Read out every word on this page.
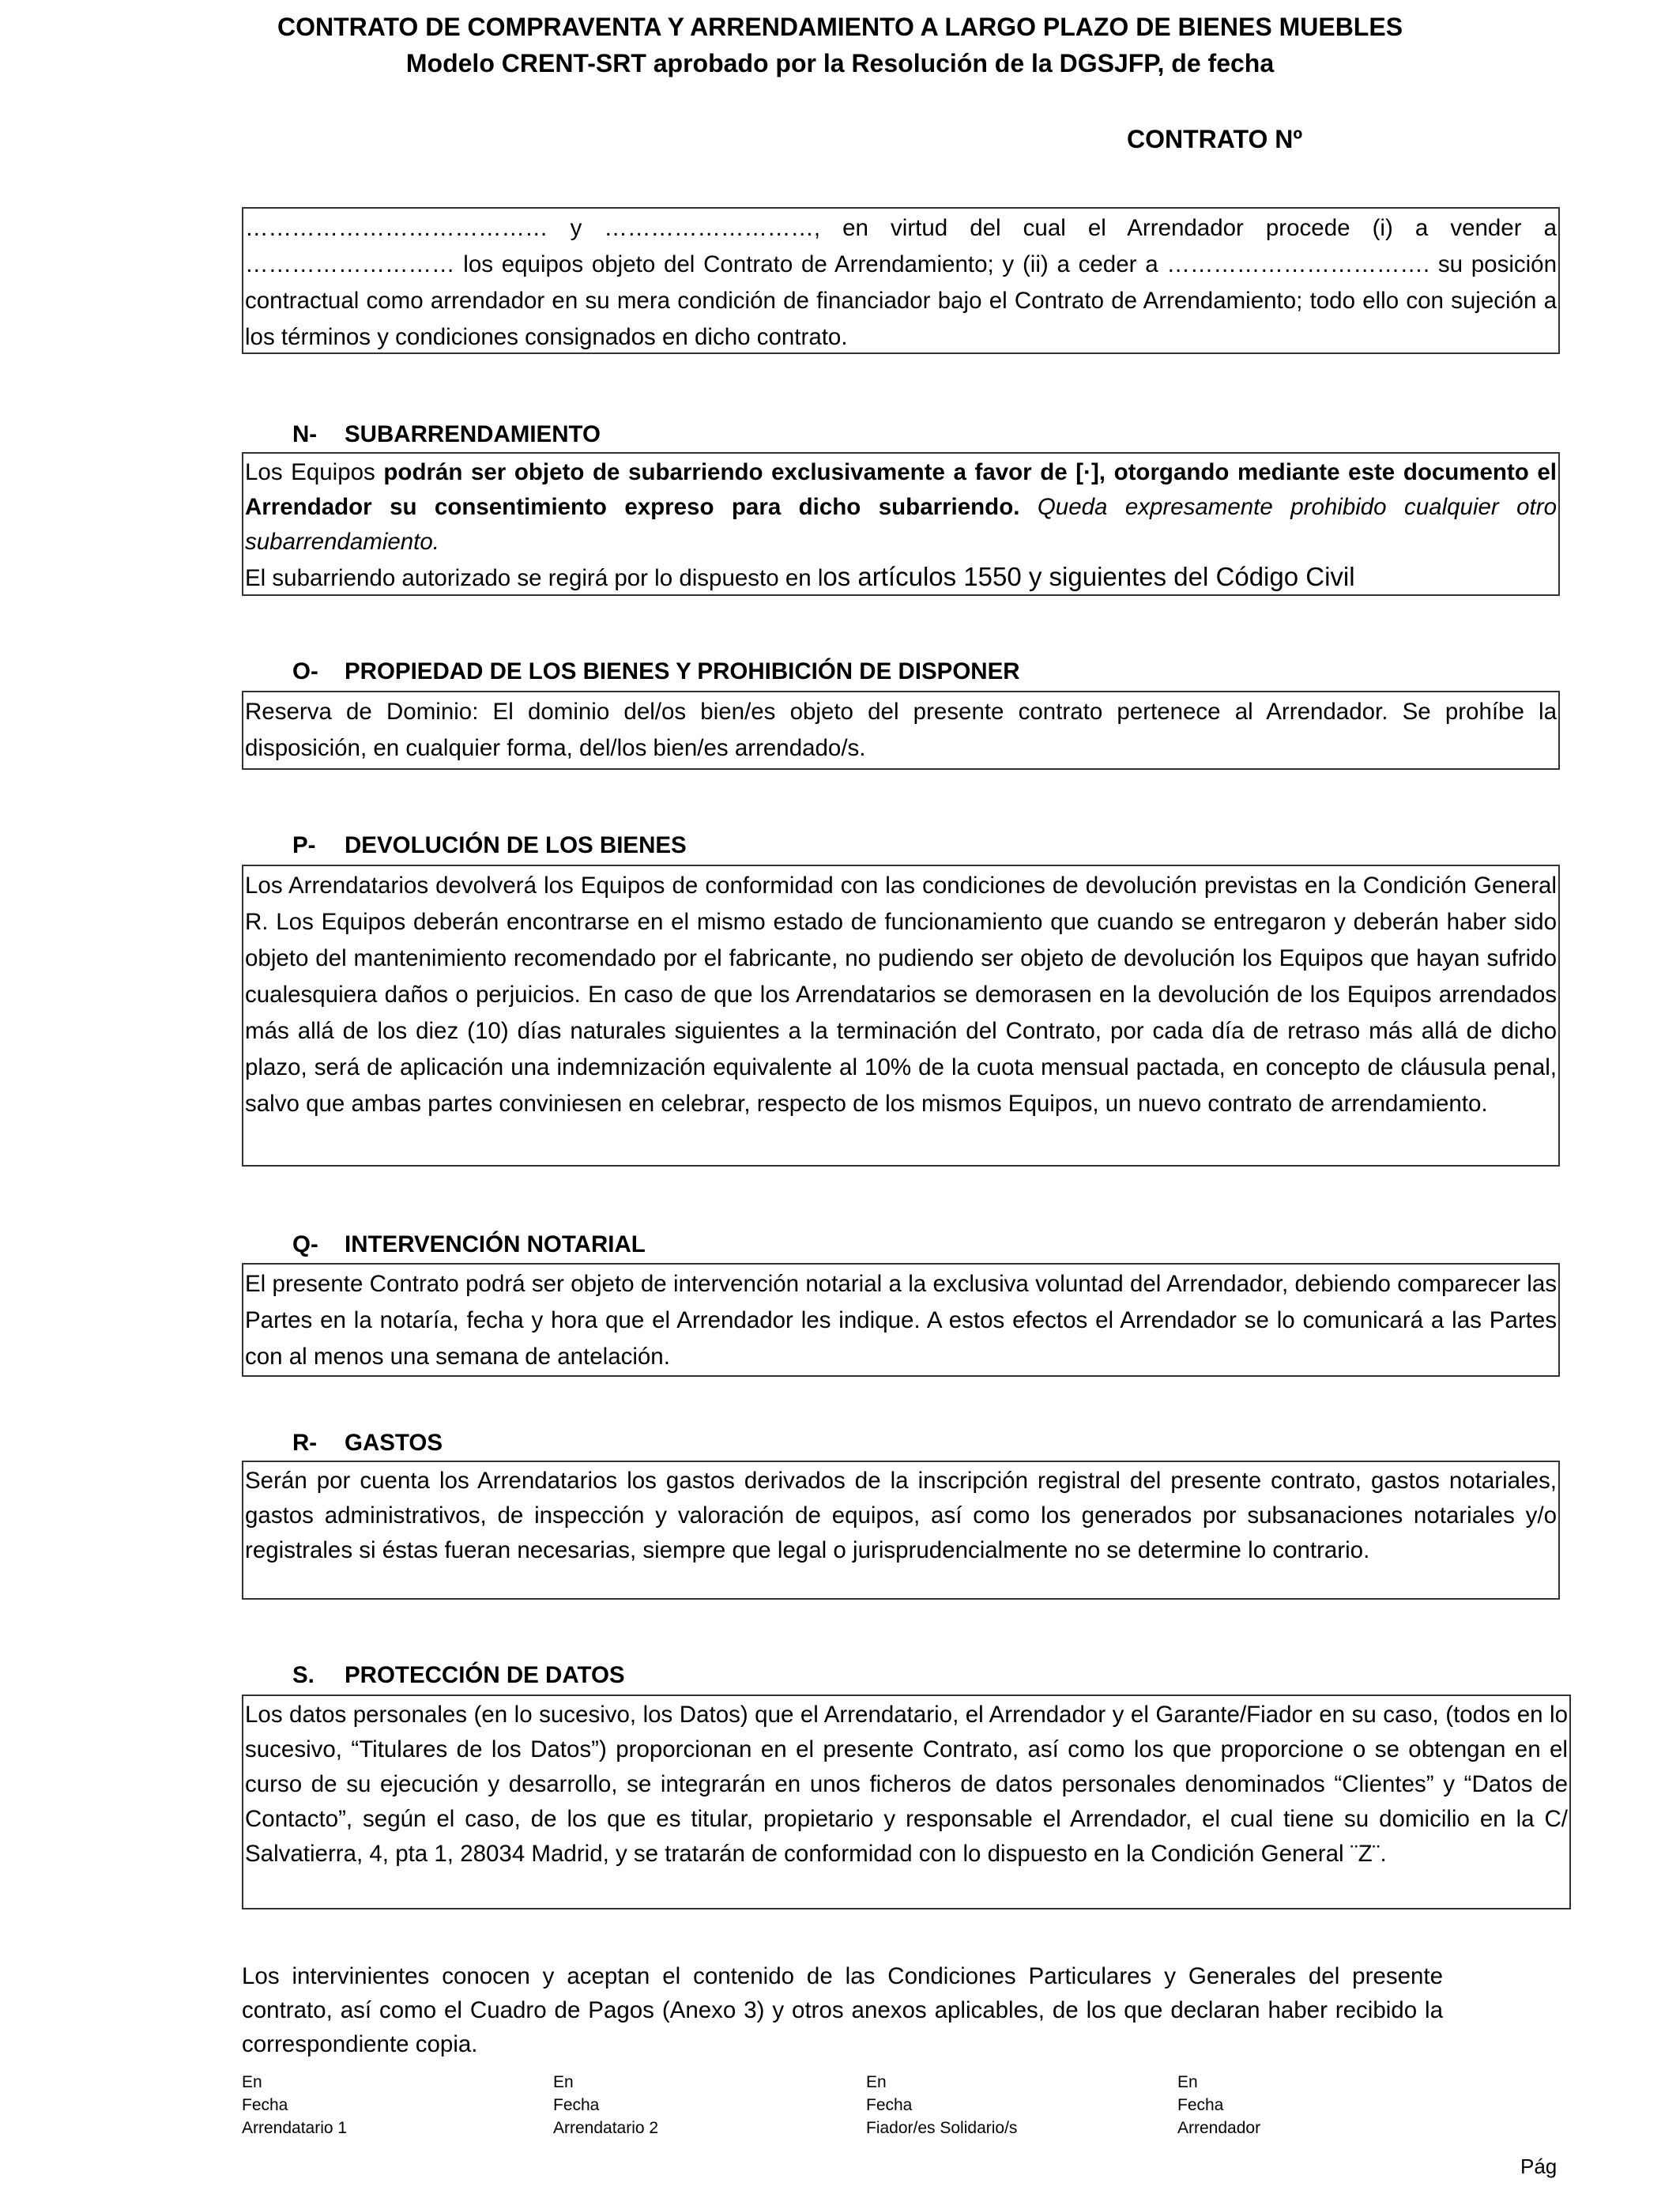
CONTRATO DE COMPRAVENTA Y ARRENDAMIENTO A LARGO PLAZO DE BIENES MUEBLES
Modelo CRENT-SRT aprobado por la Resolución de la DGSJFP, de fecha
CONTRATO Nº

………………………………… y ………………………, en virtud del cual el Arrendador procede (i) a vender a ……………………… los equipos objeto del Contrato de Arrendamiento; y (ii) a ceder a ……………………………. su posición contractual como arrendador en su mera condición de financiador bajo el Contrato de Arrendamiento; todo ello con sujeción a los términos y condiciones consignados en dicho contrato.

N- SUBARRENDAMIENTO

Los Equipos podrán ser objeto de subarriendo exclusivamente a favor de [·], otorgando mediante este documento el Arrendador su consentimiento expreso para dicho subarriendo. Queda expresamente prohibido cualquier otro subarrendamiento.

El subarriendo autorizado se regirá por lo dispuesto en los artículos 1550 y siguientes del Código Civil

O- PROPIEDAD DE LOS BIENES Y PROHIBICIÓN DE DISPONER

Reserva de Dominio: El dominio del/os bien/es objeto del presente contrato pertenece al Arrendador. Se prohíbe la disposición, en cualquier forma, del/los bien/es arrendado/s.

P- DEVOLUCIÓN DE LOS BIENES

Los Arrendatarios devolverá los Equipos de conformidad con las condiciones de devolución previstas en la Condición General R. Los Equipos deberán encontrarse en el mismo estado de funcionamiento que cuando se entregaron y deberán haber sido objeto del mantenimiento recomendado por el fabricante, no pudiendo ser objeto de devolución los Equipos que hayan sufrido cualesquiera daños o perjuicios. En caso de que los Arrendatarios se demorasen en la devolución de los Equipos arrendados más allá de los diez (10) días naturales siguientes a la terminación del Contrato, por cada día de retraso más allá de dicho plazo, será de aplicación una indemnización equivalente al 10% de la cuota mensual pactada, en concepto de cláusula penal, salvo que ambas partes conviniesen en celebrar, respecto de los mismos Equipos, un nuevo contrato de arrendamiento.

Q- INTERVENCIÓN NOTARIAL

El presente Contrato podrá ser objeto de intervención notarial a la exclusiva voluntad del Arrendador, debiendo comparecer las Partes en la notaría, fecha y hora que el Arrendador les indique. A estos efectos el Arrendador se lo comunicará a las Partes con al menos una semana de antelación.

R- GASTOS

Serán por cuenta los Arrendatarios los gastos derivados de la inscripción registral del presente contrato, gastos notariales, gastos administrativos, de inspección y valoración de equipos, así como los generados por subsanaciones notariales y/o registrales si éstas fueran necesarias, siempre que legal o jurisprudencialmente no se determine lo contrario.

S. PROTECCIÓN DE DATOS

Los datos personales (en lo sucesivo, los Datos) que el Arrendatario, el Arrendador y el Garante/Fiador en su caso, (todos en lo sucesivo, “Titulares de los Datos”) proporcionan en el presente Contrato, así como los que proporcione o se obtengan en el curso de su ejecución y desarrollo, se integrarán en unos ficheros de datos personales denominados “Clientes” y “Datos de Contacto”, según el caso, de los que es titular, propietario y responsable el Arrendador, el cual tiene su domicilio en la C/ Salvatierra, 4, pta 1, 28034 Madrid, y se tratarán de conformidad con lo dispuesto en la Condición General ¨Z¨.

Los intervinientes conocen y aceptan el contenido de las Condiciones Particulares y Generales del presente contrato, así como el Cuadro de Pagos (Anexo 3) y otros anexos aplicables, de los que declaran haber recibido la correspondiente copia.
En
Fecha
Arrendatario 1
En
Fecha
Arrendatario 2
En
Fecha
Fiador/es Solidario/s
En
Fecha
Arrendador
Pág
